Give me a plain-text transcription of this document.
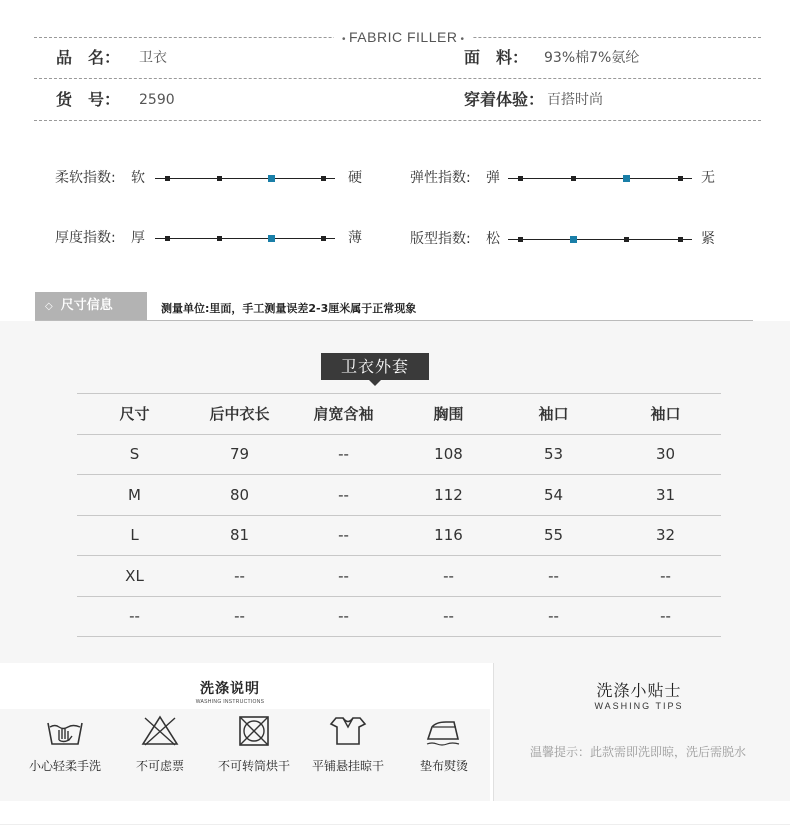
• FABRIC FILLER •
品　名： 卫衣	面　料： 93%棉7%氨纶
货　号： 2590	穿着体验： 百搭时尚
柔软指数: 软	硬	弹性指数: 弹	无
厚度指数: 厚	薄	版型指数: 松	紧
◇ 尺寸信息	测量单位:里面，手工测量误差2-3厘米属于正常现象
卫衣外套
尺寸	后中衣长	肩宽含袖	胸围	袖口	袖口
S	79	--	108	53	30
M	80	--	112	54	31
L	81	--	116	55	32
XL	--	--	--	--	--
--	--	--	--	--	--
洗涤说明
WASHING INSTRUCTIONS
小心轻柔手洗	不可虑票	不可转筒烘干	平铺悬挂晾干	垫布熨烫
洗涤小贴士
WASHING TIPS
温馨提示：此款需即洗即晾，洗后需脱水
